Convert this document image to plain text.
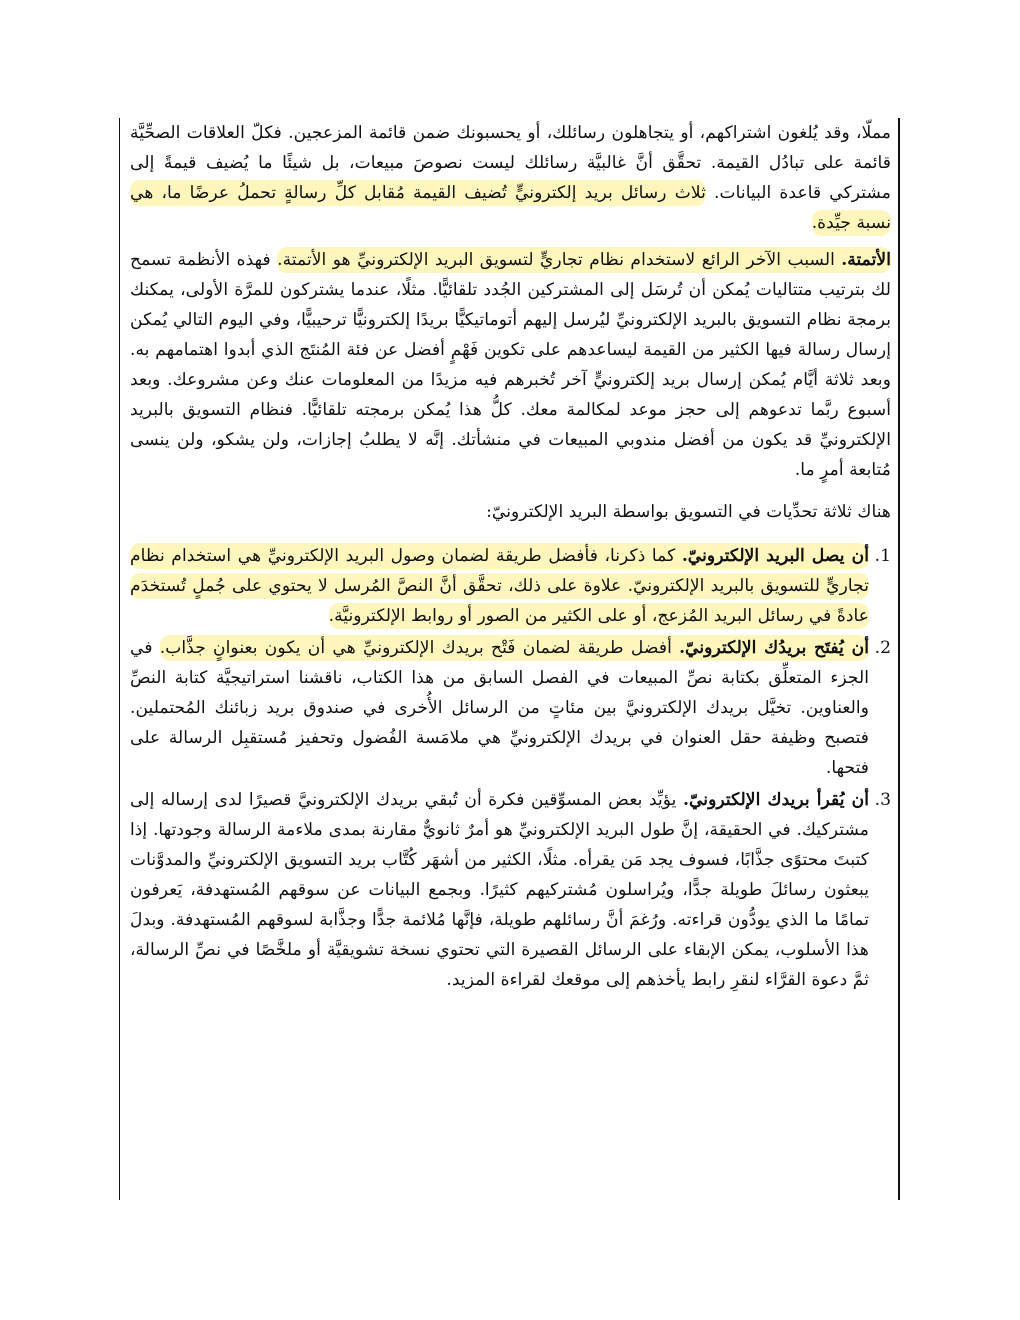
مملّا، وقد يُلغون اشتراكهم، أو يتجاهلون رسائلك، أو يحسبونك ضمن قائمة المزعجين. فكلّ العلاقات الصحِّيَّة قائمة على تبادُل القيمة. تحقَّق أنَّ غالبيَّة رسائلك ليست نصوصَ مبيعات، بل شيئًا ما يُضيف قيمةً إلى مشتركي قاعدة البيانات. ثلاث رسائل بريد إلكترونيٍّ تُضيف القيمة مُقابل كلِّ رسالةٍ تحملُ عرضًا ما، هي نسبة جيِّدة.

الأتمتة. السبب الآخر الرائع لاستخدام نظام تجاريٍّ لتسويق البريد الإلكترونيِّ هو الأتمتة. فهذه الأنظمة تسمح لك بترتيب متتاليات يُمكن أن تُرسَل إلى المشتركين الجُدد تلقائيًّا. مثلًا، عندما يشتركون للمرَّة الأولى، يمكنك برمجة نظام التسويق بالبريد الإلكترونيِّ ليُرسل إليهم أتوماتيكيًّا بريدًا إلكترونيًّا ترحيبيًّا، وفي اليوم التالي يُمكن إرسال رسالة فيها الكثير من القيمة ليساعدهم على تكوين فَهْمٍ أفضل عن فئة المُنتَج الذي أبدوا اهتمامهم به. وبعد ثلاثة أيَّام يُمكن إرسال بريد إلكترونيٍّ آخر تُخبرهم فيه مزيدًا من المعلومات عنك وعن مشروعك. وبعد أسبوع ربَّما تدعوهم إلى حجز موعد لمكالمة معك. كلُّ هذا يُمكن برمجته تلقائيًّا. فنظام التسويق بالبريد الإلكترونيِّ قد يكون من أفضل مندوبي المبيعات في منشأتك. إنَّه لا يطلبُ إجازات، ولن يشكو، ولن ينسى مُتابعة أمرٍ ما.

هناك ثلاثة تحدِّيات في التسويق بواسطة البريد الإلكترونيّ:

1.
أن يصل البريد الإلكترونيّ. كما ذكرنا، فأفضل طريقة لضمان وصول البريد الإلكترونيِّ هي استخدام نظام تجاريٍّ للتسويق بالبريد الإلكترونيّ. علاوة على ذلك، تحقَّق أنَّ النصَّ المُرسل لا يحتوي على جُملٍ تُستخدَم عادةً في رسائل البريد المُزعج، أو على الكثير من الصور أو روابط الإلكترونيَّة.
2.
أن يُفتَح بريدُك الإلكترونيّ. أفضل طريقة لضمان فَتْح بريدك الإلكترونيِّ هي أن يكون بعنوانٍ جذَّاب. في الجزء المتعلِّق بكتابة نصِّ المبيعات في الفصل السابق من هذا الكتاب، ناقشنا استراتيجيَّة كتابة النصِّ والعناوين. تخيَّل بريدك الإلكترونيَّ بين مئاتٍ من الرسائل الأُخرى في صندوق بريد زبائنك المُحتملين. فتصبح وظيفة حقل العنوان في بريدك الإلكترونيِّ هي ملامَسة الفُضول وتحفيز مُستقبِل الرسالة على فتحها.
3.
أن يُقرأ بريدك الإلكترونيّ. يؤيِّد بعض المسوِّقين فكرة أن تُبقي بريدك الإلكترونيَّ قصيرًا لدى إرساله إلى مشتركيك. في الحقيقة، إنَّ طول البريد الإلكترونيِّ هو أمرٌ ثانويٌّ مقارنة بمدى ملاءمة الرسالة وجودتها. إذا كتبتَ محتوًى جذَّابًا، فسوف يجد مَن يقرأه. مثلًا، الكثير من أشهَر كُتَّاب بريد التسويق الإلكترونيِّ والمدوَّنات يبعثون رسائلَ طويلة جدًّا، ويُراسلون مُشتركيهم كثيرًا. وبجمع البيانات عن سوقهم المُستهدفة، يَعرفون تمامًا ما الذي يودُّون قراءته. ورُغمَ أنَّ رسائلهم طويلة، فإنَّها مُلائمة جدًّا وجذَّابة لسوقهم المُستهدفة. وبدلَ هذا الأسلوب، يمكن الإبقاء على الرسائل القصيرة التي تحتوي نسخة تشويقيَّة أو ملخَّصًا في نصِّ الرسالة، ثمَّ دعوة القرَّاء لنقرِ رابط يأخذهم إلى موقعك لقراءة المزيد.
